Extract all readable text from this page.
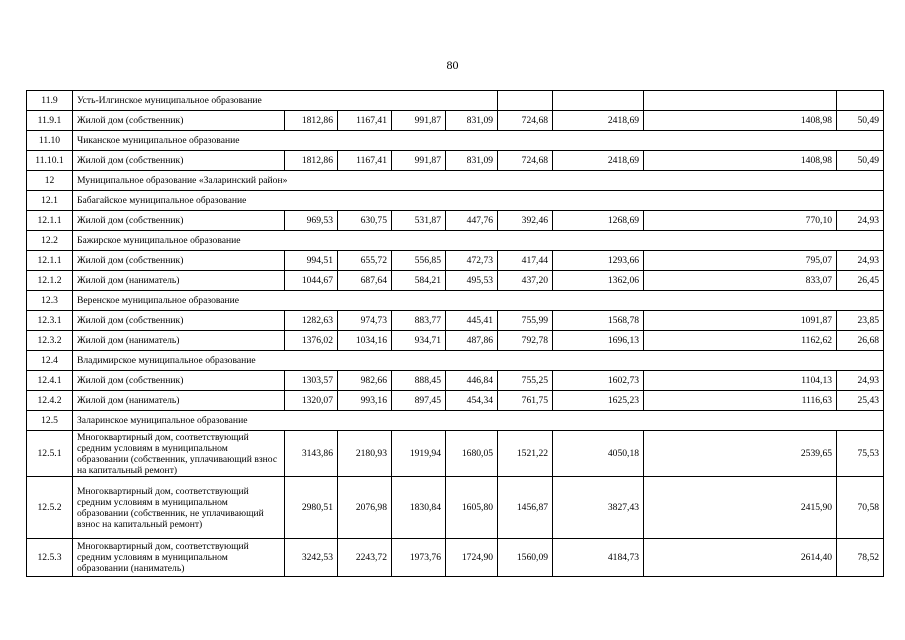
80
11.9	Усть-Илгинское муниципальное образование								
11.9.1	Жилой дом (собственник)	1812,86	1167,41	991,87	831,09	724,68	2418,69	1408,98	50,49
11.10	Чиканское муниципальное образование								
11.10.1	Жилой дом (собственник)	1812,86	1167,41	991,87	831,09	724,68	2418,69	1408,98	50,49
12	Муниципальное образование «Заларинский район»								
12.1	Бабагайское муниципальное образование								
12.1.1	Жилой дом (собственник)	969,53	630,75	531,87	447,76	392,46	1268,69	770,10	24,93
12.2	Бажирское муниципальное образование								
12.1.1	Жилой дом (собственник)	994,51	655,72	556,85	472,73	417,44	1293,66	795,07	24,93
12.1.2	Жилой дом (наниматель)	1044,67	687,64	584,21	495,53	437,20	1362,06	833,07	26,45
12.3	Веренское муниципальное образование								
12.3.1	Жилой дом (собственник)	1282,63	974,73	883,77	445,41	755,99	1568,78	1091,87	23,85
12.3.2	Жилой дом (наниматель)	1376,02	1034,16	934,71	487,86	792,78	1696,13	1162,62	26,68
12.4	Владимирское муниципальное образование								
12.4.1	Жилой дом (собственник)	1303,57	982,66	888,45	446,84	755,25	1602,73	1104,13	24,93
12.4.2	Жилой дом (наниматель)	1320,07	993,16	897,45	454,34	761,75	1625,23	1116,63	25,43
12.5	Заларинское муниципальное образование								
12.5.1	Многоквартирный дом, соответствующий средним условиям в муниципальном образовании (собственник, уплачивающий взнос на капитальный ремонт)	3143,86	2180,93	1919,94	1680,05	1521,22	4050,18	2539,65	75,53
12.5.2	Многоквартирный дом, соответствующий средним условиям в муниципальном образовании (собственник, не уплачивающий взнос на капитальный ремонт)	2980,51	2076,98	1830,84	1605,80	1456,87	3827,43	2415,90	70,58
12.5.3	Многоквартирный дом, соответствующий средним условиям в муниципальном образовании (наниматель)	3242,53	2243,72	1973,76	1724,90	1560,09	4184,73	2614,40	78,52
